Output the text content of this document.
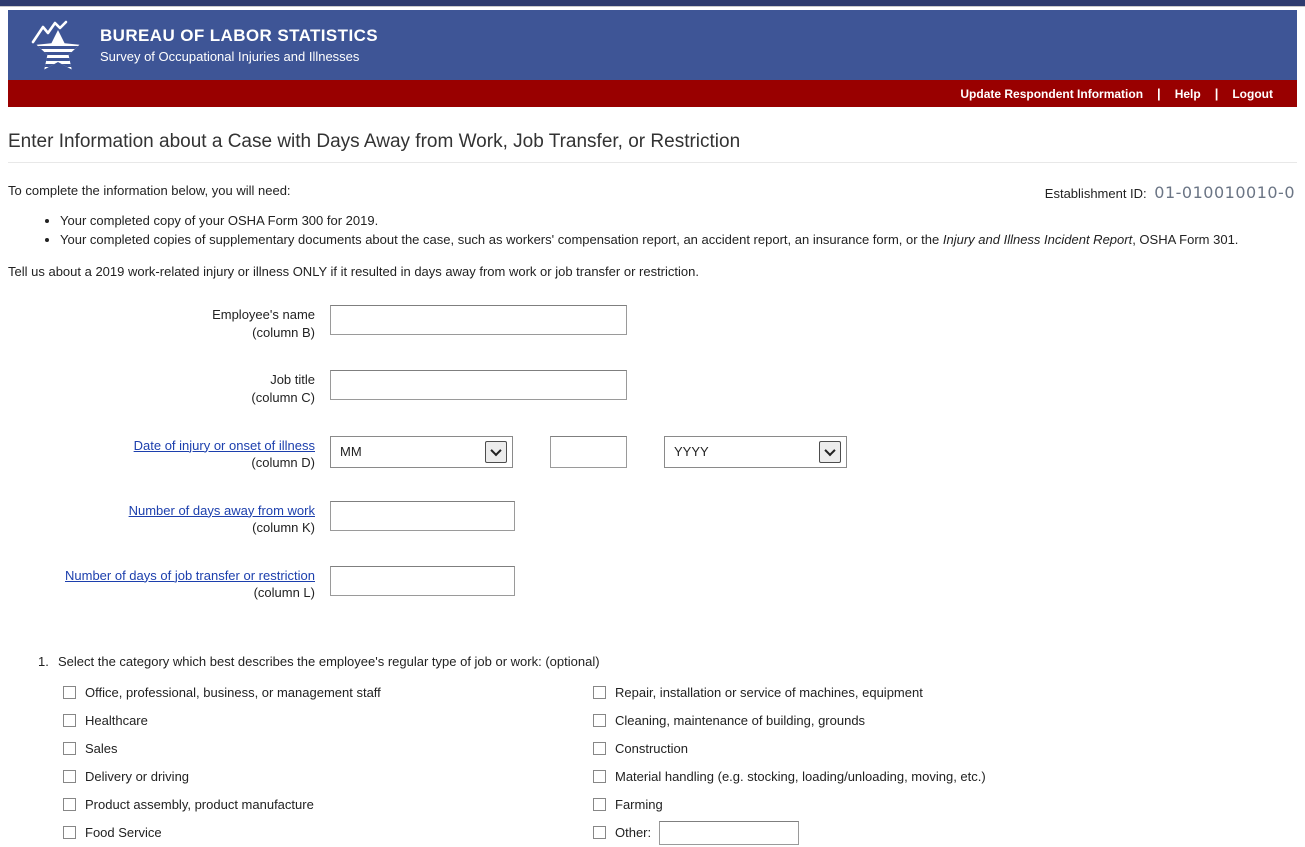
BUREAU OF LABOR STATISTICS
Survey of Occupational Injuries and Illnesses
Update Respondent Information | Help | Logout
Enter Information about a Case with Days Away from Work, Job Transfer, or Restriction
To complete the information below, you will need:	Establishment ID: 01-010010010-0
• Your completed copy of your OSHA Form 300 for 2019.
• Your completed copies of supplementary documents about the case, such as workers' compensation report, an accident report, an insurance form, or the Injury and Illness Incident Report, OSHA Form 301.

Tell us about a 2019 work-related injury or illness ONLY if it resulted in days away from work or job transfer or restriction.

Employee's name
(column B)
Job title
(column C)
Date of injury or onset of illness
(column D)
MM	YYYY
Number of days away from work
(column K)
Number of days of job transfer or restriction
(column L)
1. Select the category which best describes the employee's regular type of job or work: (optional)
Office, professional, business, or management staff
Healthcare
Sales
Delivery or driving
Product assembly, product manufacture
Food Service
Repair, installation or service of machines, equipment
Cleaning, maintenance of building, grounds
Construction
Material handling (e.g. stocking, loading/unloading, moving, etc.)
Farming
Other:
